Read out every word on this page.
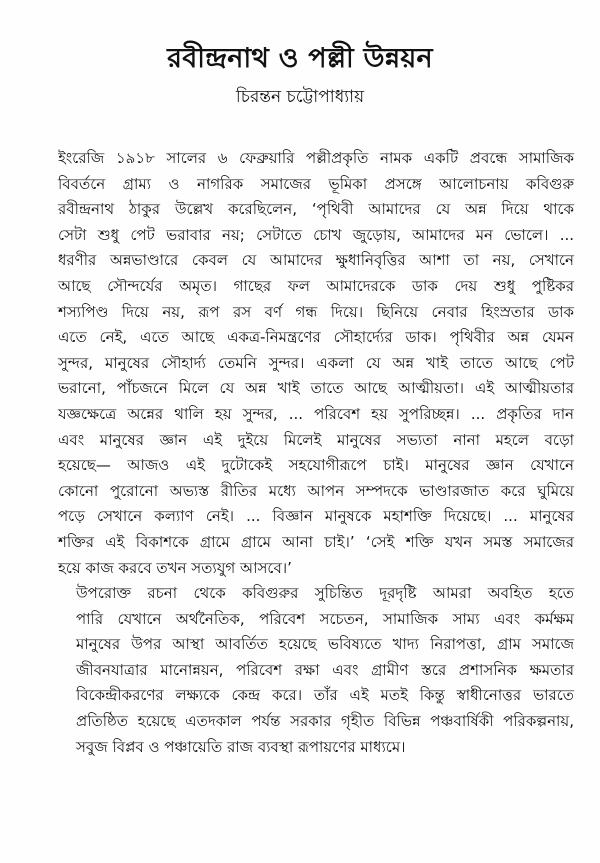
রবীন্দ্রনাথ ও পল্লী উন্নয়ন
চিরন্তন চট্টোপাধ্যায়

ইংরেজি ১৯১৮ সালের ৬ ফেব্রুয়ারি পল্লীপ্রকৃতি নামক একটি প্রবন্ধে সামাজিক
বিবর্তনে গ্রাম্য ও নাগরিক সমাজের ভূমিকা প্রসঙ্গে আলোচনায় কবিগুরু
রবীন্দ্রনাথ ঠাকুর উল্লেখ করেছিলেন, ‘পৃথিবী আমাদের যে অন্ন দিয়ে থাকে
সেটা শুধু পেট ভরাবার নয়; সেটাতে চোখ জুড়োয়, আমাদের মন ভোলে। ...
ধরণীর অন্নভাণ্ডারে কেবল যে আমাদের ক্ষুধানিবৃত্তির আশা তা নয়, সেখানে
আছে সৌন্দর্যের অমৃত। গাছের ফল আমাদেরকে ডাক দেয় শুধু পুষ্টিকর
শস্যপিণ্ড দিয়ে নয়, রূপ রস বর্ণ গন্ধ দিয়ে। ছিনিয়ে নেবার হিংস্রতার ডাক
এতে নেই, এতে আছে একত্র-নিমন্ত্রণের সৌহার্দ্যের ডাক। পৃথিবীর অন্ন যেমন
সুন্দর, মানুষের সৌহার্দ্য তেমনি সুন্দর। একলা যে অন্ন খাই তাতে আছে পেট
ভরানো, পাঁচজনে মিলে যে অন্ন খাই তাতে আছে আত্মীয়তা। এই আত্মীয়তার
যজ্ঞক্ষেত্রে অন্নের থালি হয় সুন্দর, ... পরিবেশ হয় সুপরিচ্ছন্ন। ... প্রকৃতির দান
এবং মানুষের জ্ঞান এই দুইয়ে মিলেই মানুষের সভ্যতা নানা মহলে বড়ো
হয়েছে— আজও এই দুটোকেই সহযোগীরূপে চাই। মানুষের জ্ঞান যেখানে
কোনো পুরোনো অভ্যস্ত রীতির মধ্যে আপন সম্পদকে ভাণ্ডারজাত করে ঘুমিয়ে
পড়ে সেখানে কল্যাণ নেই। ... বিজ্ঞান মানুষকে মহাশক্তি দিয়েছে। ... মানুষের
শক্তির এই বিকাশকে গ্রামে গ্রামে আনা চাই।’ ‘সেই শক্তি যখন সমস্ত সমাজের
হয়ে কাজ করবে তখন সত্যযুগ আসবে।’

উপরোক্ত রচনা থেকে কবিগুরুর সুচিন্তিত দূরদৃষ্টি আমরা অবহিত হতে
পারি যেখানে অর্থনৈতিক, পরিবেশ সচেতন, সামাজিক সাম্য এবং কর্মক্ষম
মানুষের উপর আস্থা আবর্তিত হয়েছে ভবিষ্যতে খাদ্য নিরাপত্তা, গ্রাম সমাজে
জীবনযাত্রার মানোন্নয়ন, পরিবেশ রক্ষা এবং গ্রামীণ স্তরে প্রশাসনিক ক্ষমতার
বিকেন্দ্রীকরণের লক্ষ্যকে কেন্দ্র করে। তাঁর এই মতই কিন্তু স্বাধীনোত্তর ভারতে
প্রতিষ্ঠিত হয়েছে এতদকাল পর্যন্ত সরকার গৃহীত বিভিন্ন পঞ্চবার্ষিকী পরিকল্পনায়,
সবুজ বিপ্লব ও পঞ্চায়েতি রাজ ব্যবস্থা রূপায়ণের মাধ্যমে।
